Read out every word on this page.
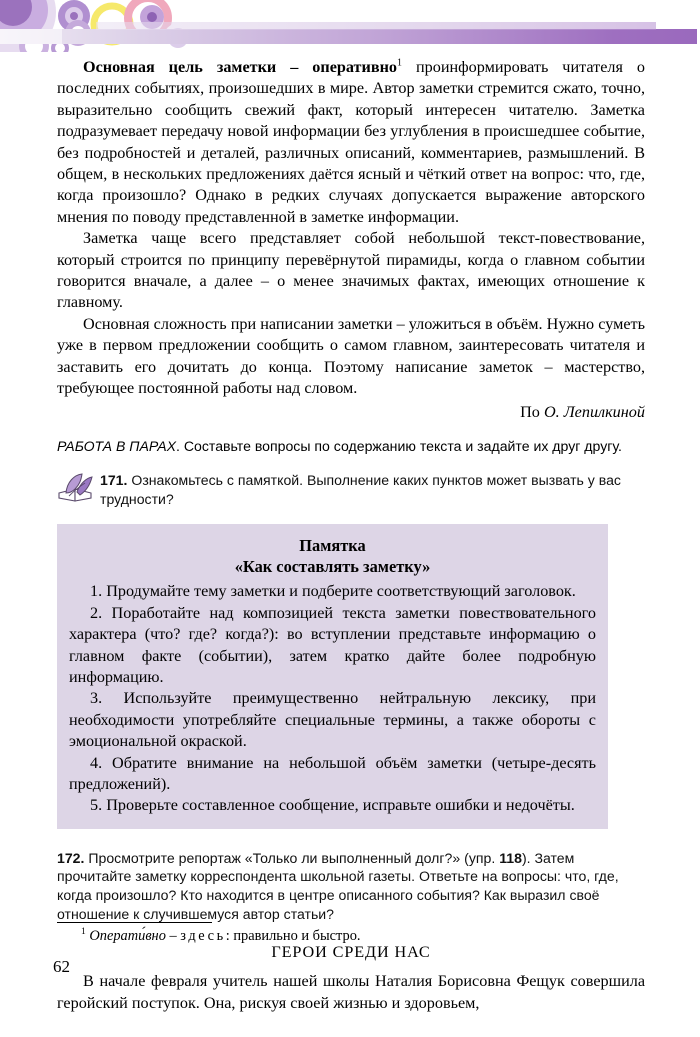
Основная цель заметки – оперативно$^1$ проинформировать читателя о последних событиях, произошедших в мире. Автор заметки стремится сжато, точно, выразительно сообщить свежий факт, который интересен читателю. Заметка подразумевает передачу новой информации без углубления в происшедшее событие, без подробностей и деталей, различных описаний, комментариев, размышлений. В общем, в нескольких предложениях даётся ясный и чёткий ответ на вопрос: что, где, когда произошло? Однако в редких случаях допускается выражение авторского мнения по поводу представленной в заметке информации.

Заметка чаще всего представляет собой небольшой текст-повествование, который строится по принципу перевёрнутой пирамиды, когда о главном событии говорится вначале, а далее – о менее значимых фактах, имеющих отношение к главному.

Основная сложность при написании заметки – уложиться в объём. Нужно суметь уже в первом предложении сообщить о самом главном, заинтересовать читателя и заставить его дочитать до конца. Поэтому написание заметок – мастерство, требующее постоянной работы над словом.

По О. Лепилкиной

РАБОТА В ПАРАХ. Составьте вопросы по содержанию текста и задайте их друг другу.

171. Ознакомьтесь с памяткой. Выполнение каких пунктов может вызвать у вас трудности?

Памятка

«Как составлять заметку»

1. Продумайте тему заметки и подберите соответствующий заголовок.

2. Поработайте над композицией текста заметки повествовательного характера (что? где? когда?): во вступлении представьте информацию о главном факте (событии), затем кратко дайте более подробную информацию.

3. Используйте преимущественно нейтральную лексику, при необходимости употребляйте специальные термины, а также обороты с эмоциональной окраской.

4. Обратите внимание на небольшой объём заметки (четыре-десять предложений).

5. Проверьте составленное сообщение, исправьте ошибки и недочёты.

172. Просмотрите репортаж «Только ли выполненный долг?» (упр. 118). Затем прочитайте заметку корреспондента школьной газеты. Ответьте на вопросы: что, где, когда произошло? Кто находится в центре описанного события? Как выразил своё отношение к случившемуся автор статьи?

ГЕРОИ СРЕДИ НАС

В начале февраля учитель нашей школы Наталия Борисовна Фещук совершила геройский поступок. Она, рискуя своей жизнью и здоровьем,

$^1$ Операти́вно – здесь: правильно и быстро.

62
